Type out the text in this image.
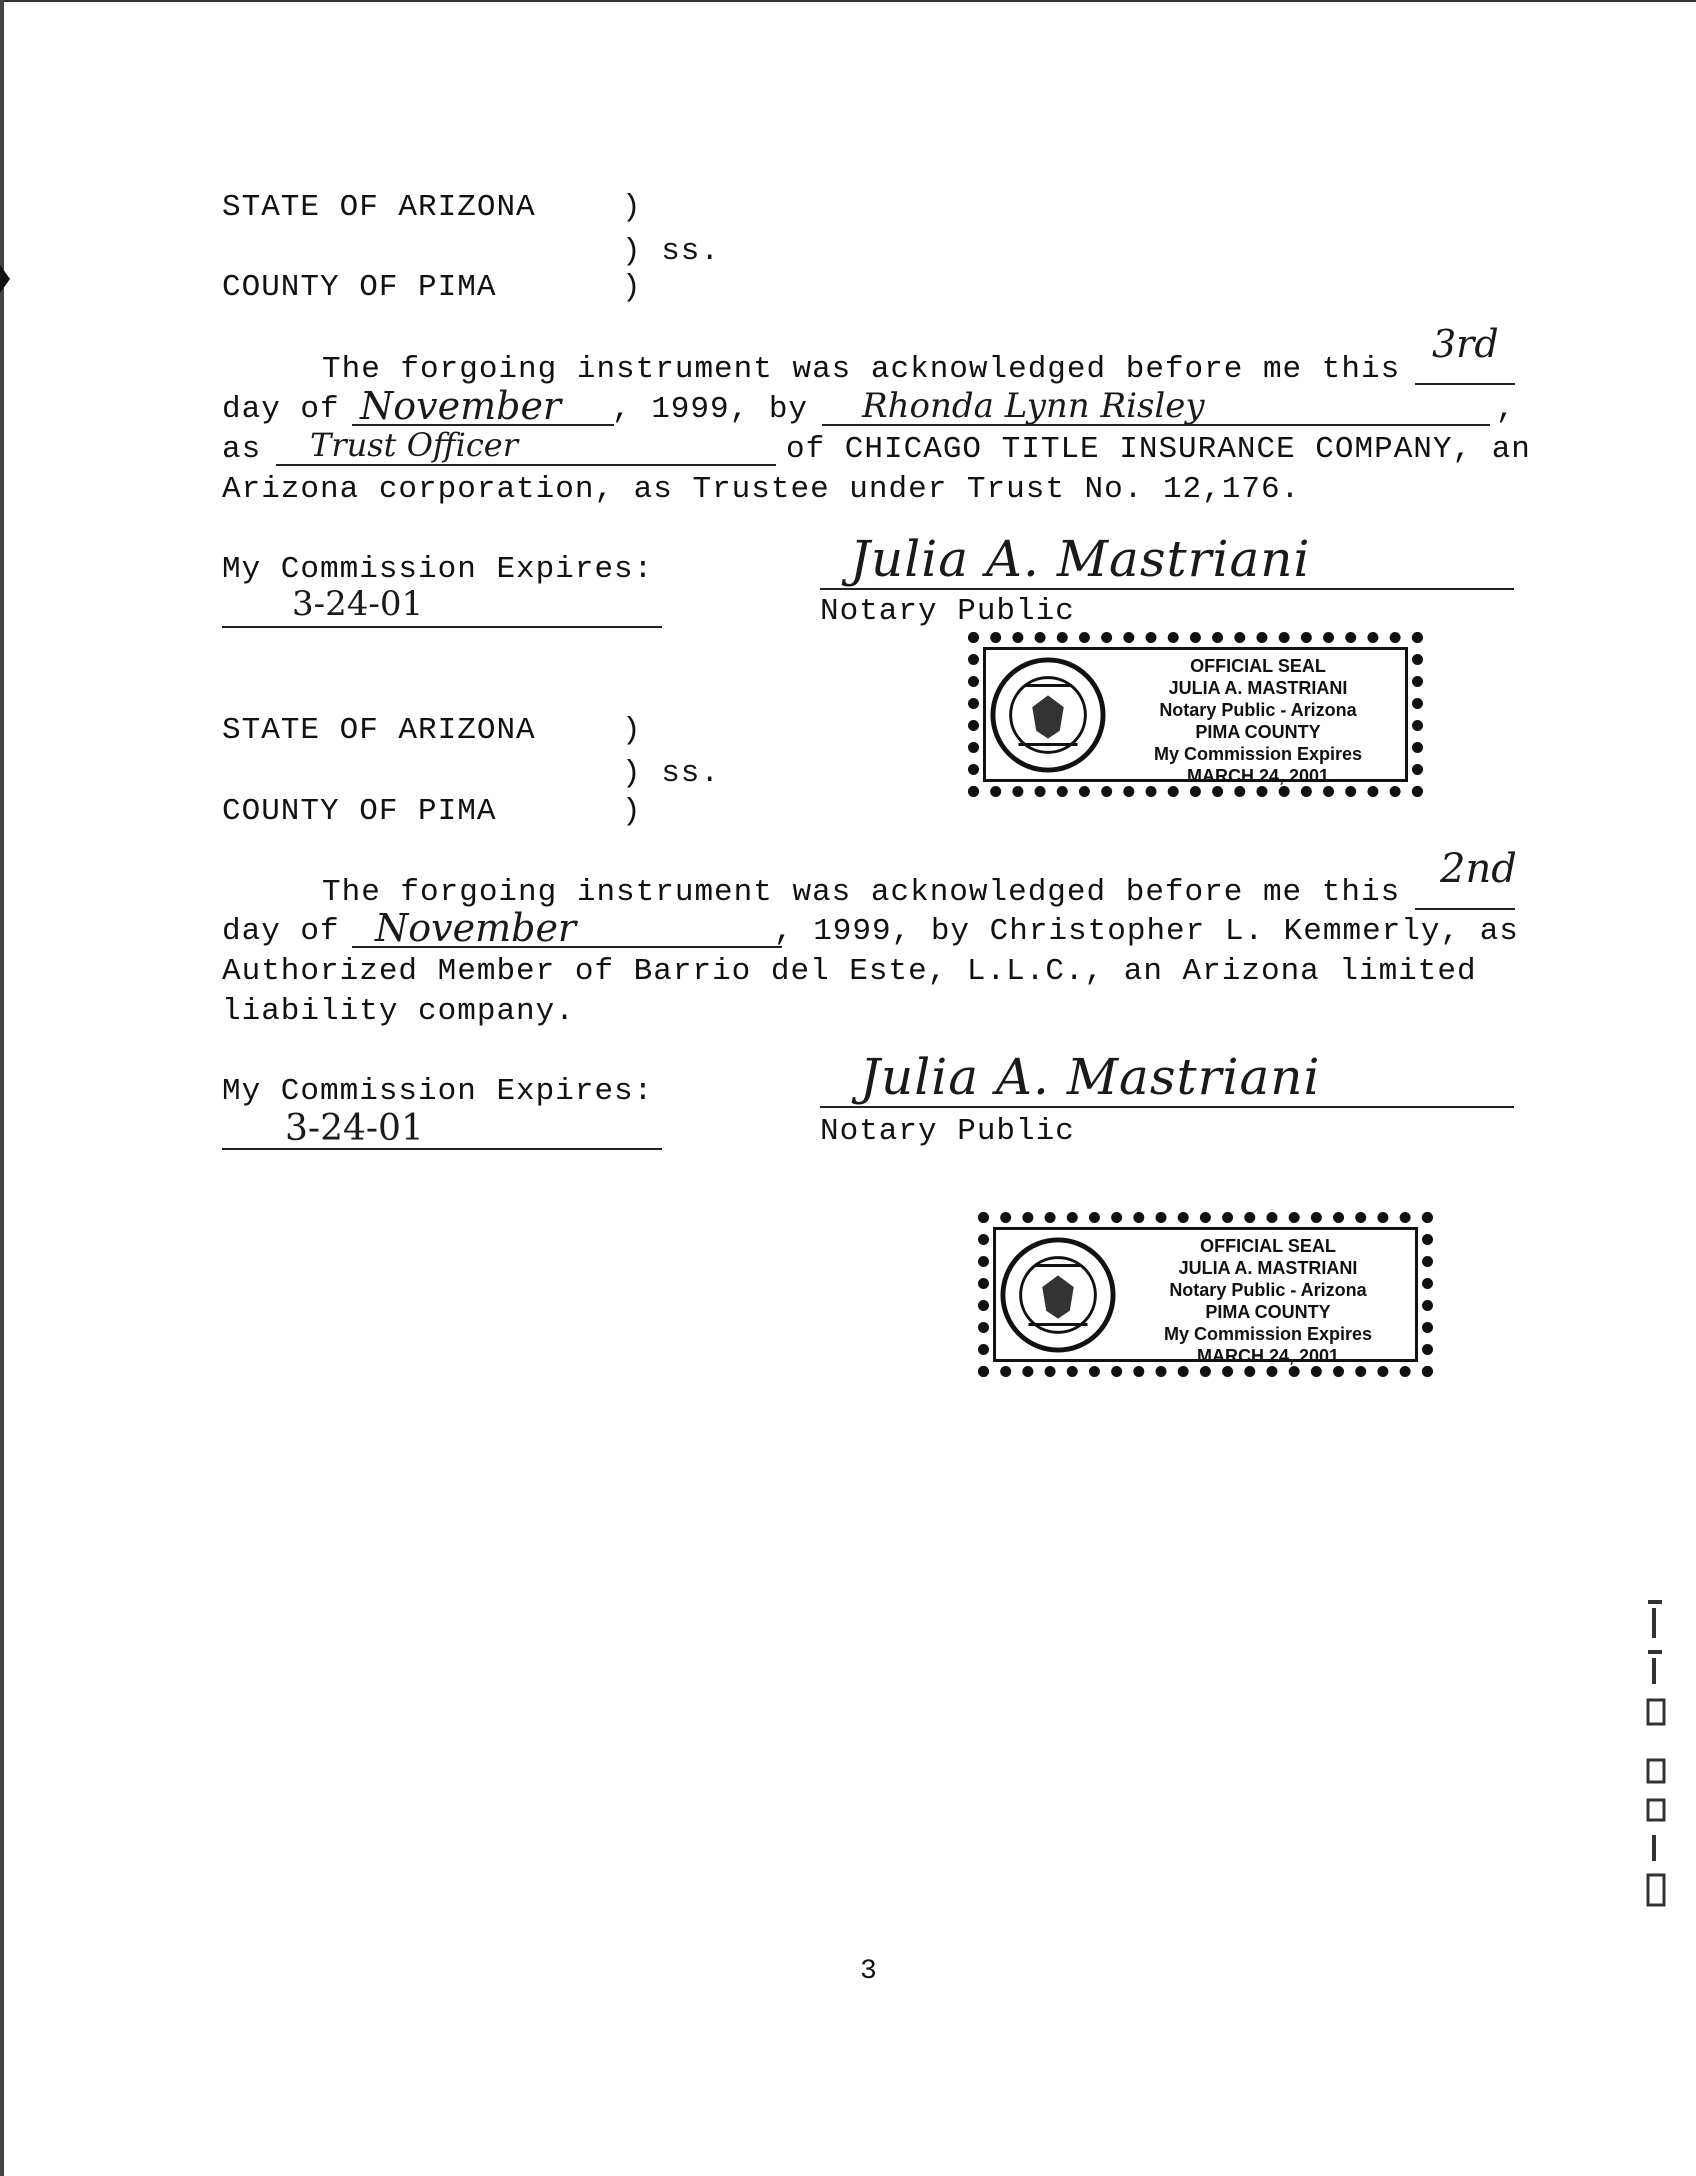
STATE OF ARIZONA	)
) ss.
COUNTY OF PIMA	)
The forgoing instrument was acknowledged before me this
3rd
day of November , 1999, by Rhonda Lynn Risley	,
as Trust Officer	of CHICAGO TITLE INSURANCE COMPANY, an
Arizona corporation, as Trustee under Trust No. 12,176.
My Commission Expires:
3-24-01
Julia A. Mastriani
Notary Public
OFFICIAL SEAL
JULIA A. MASTRIANI
Notary Public - Arizona
PIMA COUNTY
My Commission Expires
MARCH 24, 2001
STATE OF ARIZONA	)
) ss.
COUNTY OF PIMA	)
The forgoing instrument was acknowledged before me this
2nd
day of November	, 1999, by Christopher L. Kemmerly, as
Authorized Member of Barrio del Este, L.L.C., an Arizona limited
liability company.
My Commission Expires:
3-24-01
Julia A. Mastriani
Notary Public
OFFICIAL SEAL
JULIA A. MASTRIANI
Notary Public - Arizona
PIMA COUNTY
My Commission Expires
MARCH 24, 2001
3
